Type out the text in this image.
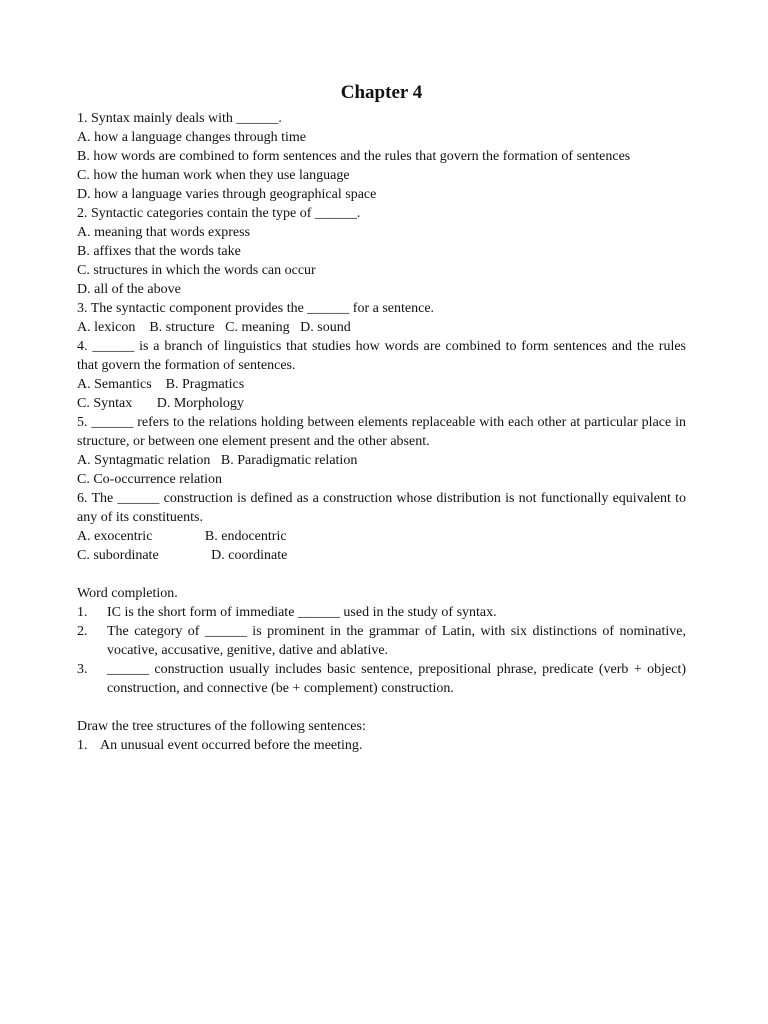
Chapter 4

1. Syntax mainly deals with ______.

A. how a language changes through time

B. how words are combined to form sentences and the rules that govern the formation of sentences

C. how the human work when they use language

D. how a language varies through geographical space

2. Syntactic categories contain the type of ______.

A. meaning that words express

B. affixes that the words take

C. structures in which the words can occur

D. all of the above

3. The syntactic component provides the ______ for a sentence.

A. lexicon    B. structure   C. meaning   D. sound

4. ______ is a branch of linguistics that studies how words are combined to form sentences and the rules that govern the formation of sentences.

A. Semantics    B. Pragmatics

C. Syntax       D. Morphology

5. ______ refers to the relations holding between elements replaceable with each other at particular place in structure, or between one element present and the other absent.

A. Syntagmatic relation   B. Paradigmatic relation

C. Co-occurrence relation

6. The ______ construction is defined as a construction whose distribution is not functionally equivalent to any of its constituents.

A. exocentric               B. endocentric

C. subordinate               D. coordinate

Word completion.

1.	IC is the short form of immediate ______ used in the study of syntax.
2.	The category of ______ is prominent in the grammar of Latin, with six distinctions of nominative, vocative, accusative, genitive, dative and ablative.
3.	______ construction usually includes basic sentence, prepositional phrase, predicate (verb + object) construction, and connective (be + complement) construction.

Draw the tree structures of the following sentences:

1. An unusual event occurred before the meeting.
